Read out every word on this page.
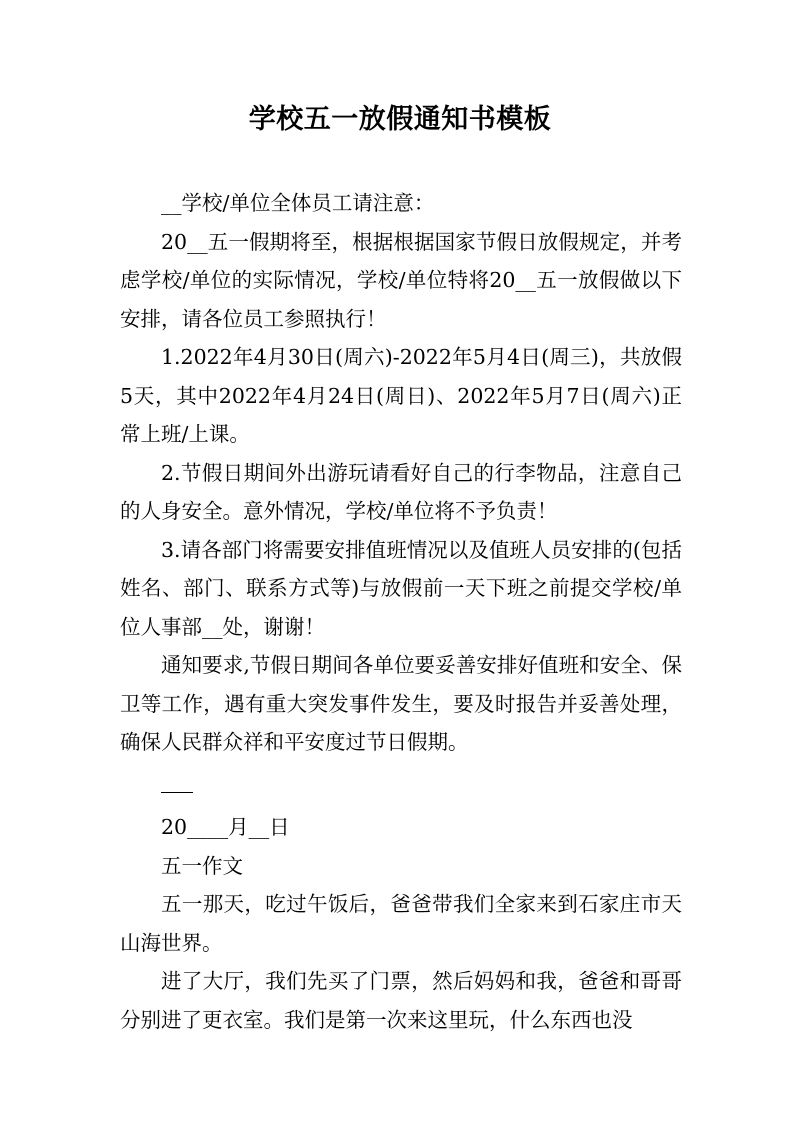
学校五一放假通知书模板

__学校/单位全体员工请注意：

20__五一假期将至，根据根据国家节假日放假规定，并考虑学校/单位的实际情况，学校/单位特将20__五一放假做以下安排，请各位员工参照执行！

1.2022年4月30日(周六)-2022年5月4日(周三)，共放假5天，其中2022年4月24日(周日)、2022年5月7日(周六)正常上班/上课。

2.节假日期间外出游玩请看好自己的行李物品，注意自己的人身安全。意外情况，学校/单位将不予负责！

3.请各部门将需要安排值班情况以及值班人员安排的(包括姓名、部门、联系方式等)与放假前一天下班之前提交学校/单位人事部__处，谢谢！

通知要求,节假日期间各单位要妥善安排好值班和安全、保卫等工作，遇有重大突发事件发生，要及时报告并妥善处理，确保人民群众祥和平安度过节日假期。

20____月__日

五一作文

五一那天，吃过午饭后，爸爸带我们全家来到石家庄市天山海世界。

进了大厅，我们先买了门票，然后妈妈和我，爸爸和哥哥分别进了更衣室。我们是第一次来这里玩，什么东西也没
